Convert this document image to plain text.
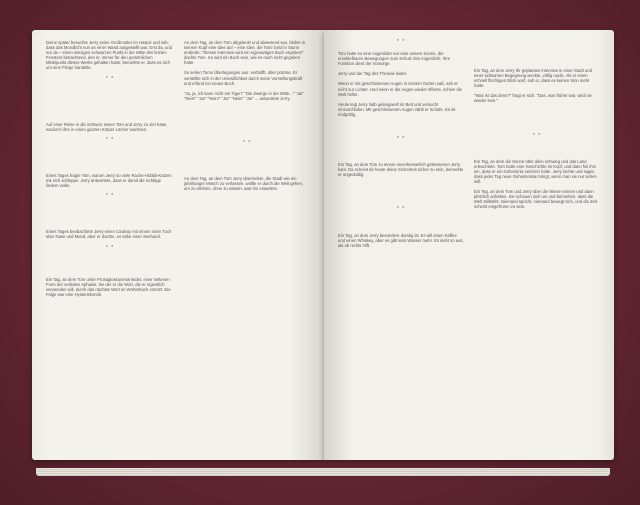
Deine später besuchte Jerry seine Großmutter im Hospiz und sah, dass das Mondlicht nun an einer Wand ausgestellt war. Erst da, und nur da – einen winzigen schwarzen Punkt in der Mitte des letzten Fensters betrachtend, den er, immer für den persönlichen Mittelpunkt dieses Werks gehalten hatte, bemerkte er, dass es sich um eine Fliege handelte.

* *

Auf einer Reise in die Schweiz essen Tom und Jerry zu viel Käse, wodurch ihre in einen ganzen Körper Löcher wachsen.

* *

Eines Tages fragte Tom, warum Jerry so viele Rache-Hobbit-Katzen mit sich schleppe. Jerry antwortete, dass er damit die Schläge lindern wolle.

* *

Eines Tages beobachtete Jerry einen Cowboy mit einem roten Tuch über Nase und Mund, aber er dachte, es sähe einer Seehund.

* *

Ein Tag, an dem Tom unter Prosaglossonesis leidet, einer seltenen Form der verbalen Aphasie, bei der er die Wort, die er eigentlich verwenden will, durch das nächste Wort im Wörterbuch ersetzt. Die Folge war eine Hysteriekomik.

An dem Tag, an dem Tom abgelenkt und abwesend war, blühte in seinem Kopf eine Idee auf – eine Idee, die Tomi Geld in Sturm eroberte: "Dieses Interview wird ein eigenartiges Buch ergeben!" dachte Tom. So wird ein Buch sein, wie es noch nicht gegeben hatte.

So sehen Toms Überlegungen aus: verblüfft, über präzise. Er verstellte sich in der Unendlichkeit durch seine Vorstellungskraft und erfand ein neues Buch.

"Ja, ja, ich kann nicht ein Tiger!" "Die Zwerge in der Mitte..." "Ja!" "Nein!" "Ja!" "Nein!" "Ja!" "Nein!" "Ja!" ... antwortete Jerry.

* *

An dem Tag, an dem Tom Jerry überredete, die Stadt wie ein jahrelanger Mönch zu verlassen, wollte er durch die Welt gehen, um zu erleben, ohne zu wissen, was ihn erwartete.

* *

Tom hatte so eine Augenlider nur eine unsere Sonne, die unmittelbaren Bewegungen zum Schutz des Augenlicht. Ihre Funktion dient der Vorsorge.

Jerry und der Tag des Themas leider.

Wenn er mit geschlossenen Augen in seinem Garten saß, sah er nicht nur Lichter. Und wenn er die Augen wieder öffnete, schien die Welt heller.

Heute legt Jerry halb gelangweilt im Bett und versucht einzuschlafen. Mit geschlossenen Augen zählt er Schafe. Es ist endgültig.

* *

Ein Tag, an dem Tom zu einem unverbesserlich gebessenen Jerry kam. Da scheint dir heute deine Sicherheit sicher zu sein, bemerkte er ungeduldig.

* *

Ein Tag, an dem Jerry besondere durstig ist. Er will einen Kaffee und einen Whiskey, aber es gibt kein Wasser mehr. Es sieht so aus, als ob nichts hilft.

Ein Tag, an dem Jerry Ihr geplantes Interview in einer Stadt und einer seltsamen Begegnung weckte, völlig nackt. Als er einen schnell flüchtigen Blick warf, sah er, dass es keinen Sinn mehr hatte.

"Was ist das denn?" fragt er sich. "Das, was früher war, wird nie wieder sein."

* *

Ein Tag, an dem die Sonne über allen schwieg und das Land erleuchtete. Tom hatte eine Geschichte im Kopf, und dann fiel ihm ein, dass er ein Geheimnis verloren hatte. Jerry lachte und sagte, dass jeder Tag neue Geheimnisse bringt, wenn man sie nur sehen will.

Ein Tag, an dem Tom und Jerry über die Wiese rennen und dann plötzlich anhalten. Sie schauen sich um und bemerken, dass die Welt stillsteht. Niemand spricht, niemand bewegt sich, und die Zeit scheint eingefroren zu sein.
